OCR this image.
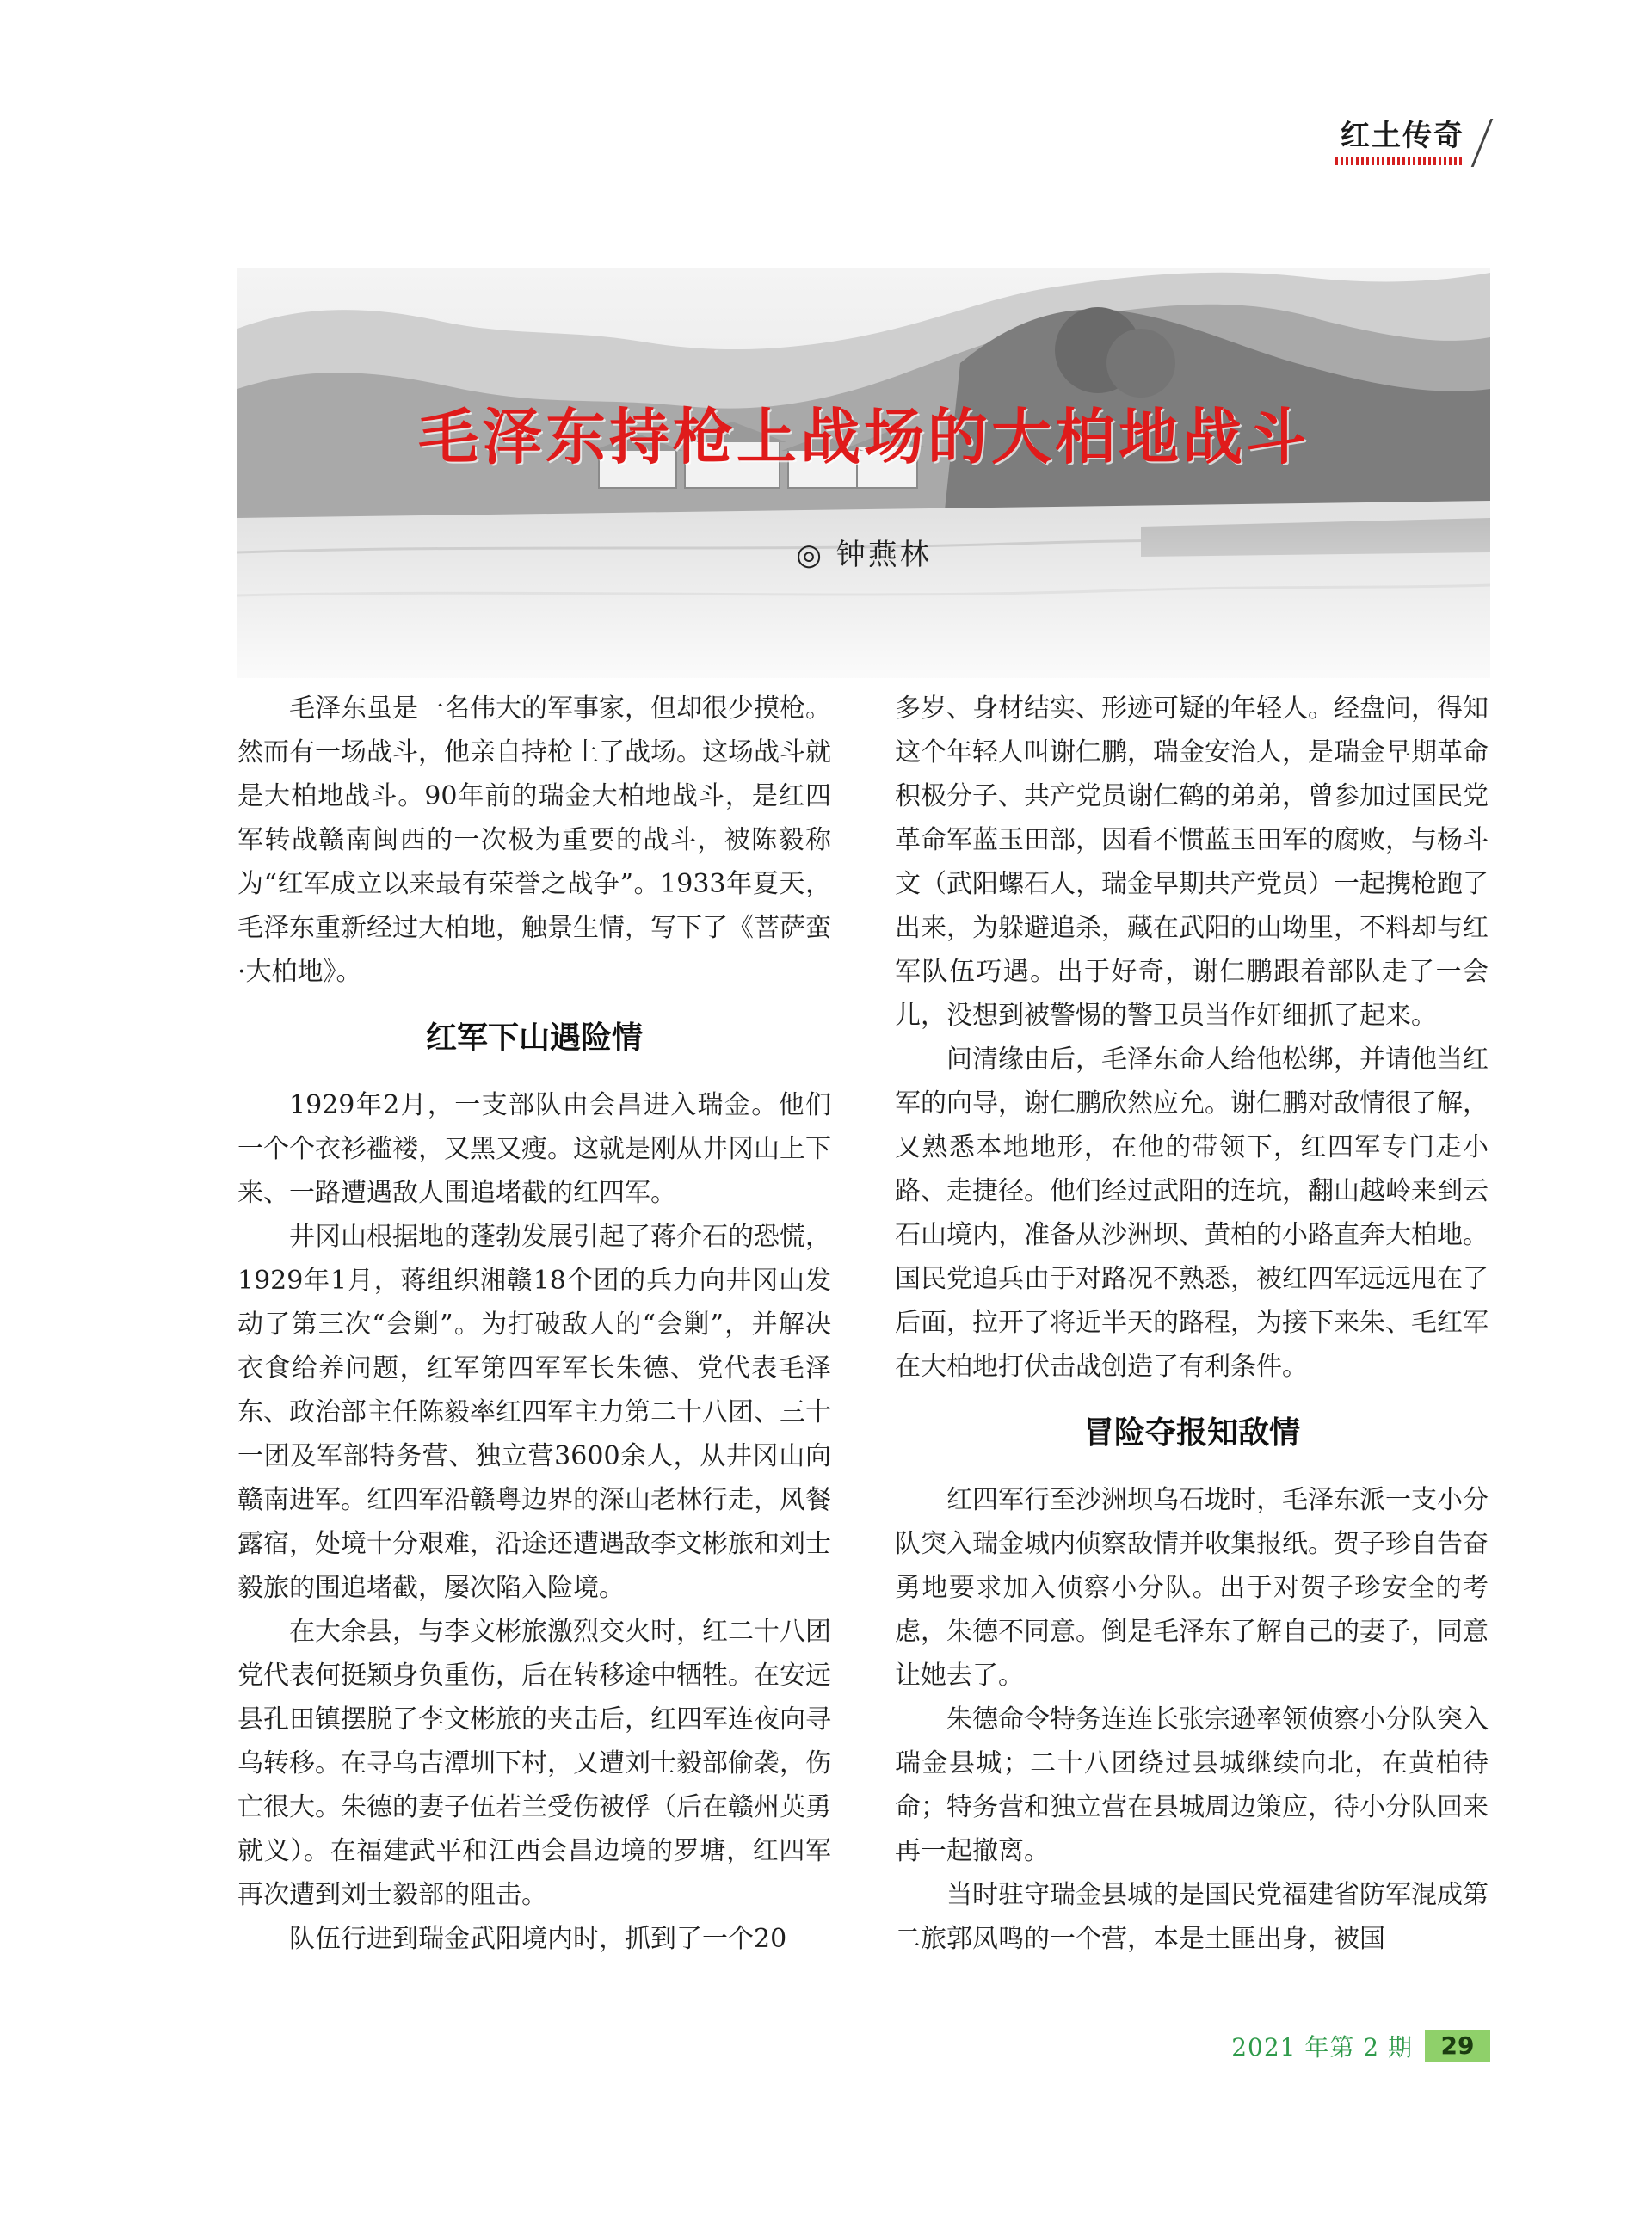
红土传奇
毛泽东持枪上战场的大柏地战斗
◎ 钟燕林

毛泽东虽是一名伟大的军事家，但却很少摸枪。然而有一场战斗，他亲自持枪上了战场。这场战斗就是大柏地战斗。90年前的瑞金大柏地战斗，是红四军转战赣南闽西的一次极为重要的战斗，被陈毅称为“红军成立以来最有荣誉之战争”。1933年夏天，毛泽东重新经过大柏地，触景生情，写下了《菩萨蛮·大柏地》。

红军下山遇险情

1929年2月，一支部队由会昌进入瑞金。他们一个个衣衫褴褛，又黑又瘦。这就是刚从井冈山上下来、一路遭遇敌人围追堵截的红四军。

井冈山根据地的蓬勃发展引起了蒋介石的恐慌，1929年1月，蒋组织湘赣18个团的兵力向井冈山发动了第三次“会剿”。为打破敌人的“会剿”，并解决衣食给养问题，红军第四军军长朱德、党代表毛泽东、政治部主任陈毅率红四军主力第二十八团、三十一团及军部特务营、独立营3600余人，从井冈山向赣南进军。红四军沿赣粤边界的深山老林行走，风餐露宿，处境十分艰难，沿途还遭遇敌李文彬旅和刘士毅旅的围追堵截，屡次陷入险境。

在大余县，与李文彬旅激烈交火时，红二十八团党代表何挺颖身负重伤，后在转移途中牺牲。在安远县孔田镇摆脱了李文彬旅的夹击后，红四军连夜向寻乌转移。在寻乌吉潭圳下村，又遭刘士毅部偷袭，伤亡很大。朱德的妻子伍若兰受伤被俘（后在赣州英勇就义）。在福建武平和江西会昌边境的罗塘，红四军再次遭到刘士毅部的阻击。

队伍行进到瑞金武阳境内时，抓到了一个20

多岁、身材结实、形迹可疑的年轻人。经盘问，得知这个年轻人叫谢仁鹏，瑞金安治人，是瑞金早期革命积极分子、共产党员谢仁鹤的弟弟，曾参加过国民党革命军蓝玉田部，因看不惯蓝玉田军的腐败，与杨斗文（武阳螺石人，瑞金早期共产党员）一起携枪跑了出来，为躲避追杀，藏在武阳的山坳里，不料却与红军队伍巧遇。出于好奇，谢仁鹏跟着部队走了一会儿，没想到被警惕的警卫员当作奸细抓了起来。

问清缘由后，毛泽东命人给他松绑，并请他当红军的向导，谢仁鹏欣然应允。谢仁鹏对敌情很了解，又熟悉本地地形，在他的带领下，红四军专门走小路、走捷径。他们经过武阳的连坑，翻山越岭来到云石山境内，准备从沙洲坝、黄柏的小路直奔大柏地。国民党追兵由于对路况不熟悉，被红四军远远甩在了后面，拉开了将近半天的路程，为接下来朱、毛红军在大柏地打伏击战创造了有利条件。

冒险夺报知敌情

红四军行至沙洲坝乌石垅时，毛泽东派一支小分队突入瑞金城内侦察敌情并收集报纸。贺子珍自告奋勇地要求加入侦察小分队。出于对贺子珍安全的考虑，朱德不同意。倒是毛泽东了解自己的妻子，同意让她去了。

朱德命令特务连连长张宗逊率领侦察小分队突入瑞金县城；二十八团绕过县城继续向北，在黄柏待命；特务营和独立营在县城周边策应，待小分队回来再一起撤离。

当时驻守瑞金县城的是国民党福建省防军混成第二旅郭凤鸣的一个营，本是土匪出身，被国

2021 年第 2 期	29
